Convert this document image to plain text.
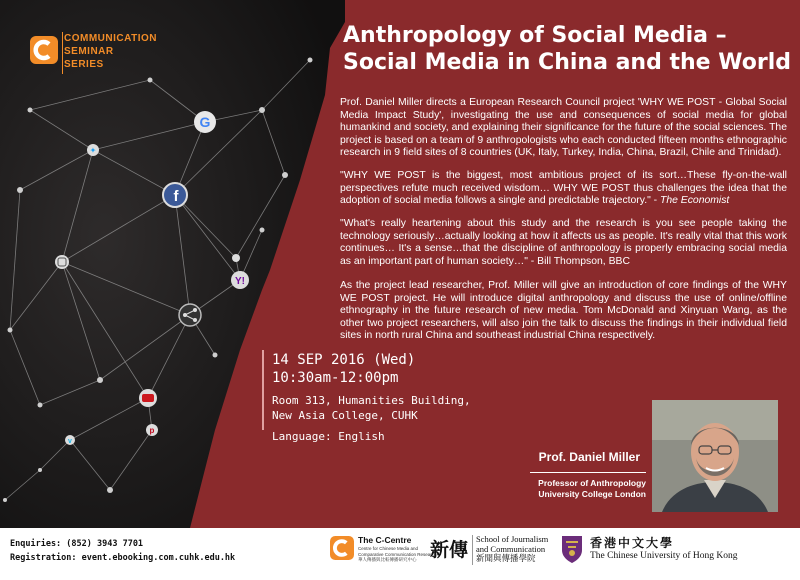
G
f
✦
Y!
p
v
COMMUNICATION
SEMINAR
SERIES
Anthropology of Social Media –
Social Media in China and the World
Prof. Daniel Miller directs a European Research Council project 'WHY WE POST - Global Social Media Impact Study', investigating the use and consequences of social media for global humankind and society, and explaining their significance for the future of the social sciences. The project is based on a team of 9 anthropologists who each conducted fifteen months ethnographic research in 9 field sites of 8 countries (UK, Italy, Turkey, India, China, Brazil, Chile and Trinidad).
"WHY WE POST is the biggest, most ambitious project of its sort…These fly-on-the-wall perspectives refute much received wisdom… WHY WE POST thus challenges the idea that the adoption of social media follows a single and predictable trajectory." - The Economist
"What's really heartening about this study and the research is you see people taking the technology seriously…actually looking at how it affects us as people. It's really vital that this work continues… It's a sense…that the discipline of anthropology is properly embracing social media as an important part of human society…" - Bill Thompson, BBC
As the project lead researcher, Prof. Miller will give an introduction of core findings of the WHY WE POST project. He will introduce digital anthropology and discuss the use of online/offline ethnography in the future research of new media. Tom McDonald and Xinyuan Wang, as the other two project researchers, will also join the talk to discuss the findings in their individual field sites in north rural China and southeast industrial China respectively.
14 SEP 2016 (Wed)
10:30am-12:00pm
Room 313, Humanities Building,
New Asia College, CUHK
Language: English
Prof. Daniel Miller
Professor of Anthropology
University College London
Enquiries: (852) 3943 7701
Registration: event.ebooking.com.cuhk.edu.hk
The C-Centre
Centre for Chinese Media and
Comparative Communication Research
華人傳播與比較傳播研究中心 新傳 School of Journalism
and Communication
新聞與傳播學院
香港中文大學
The Chinese University of Hong Kong
